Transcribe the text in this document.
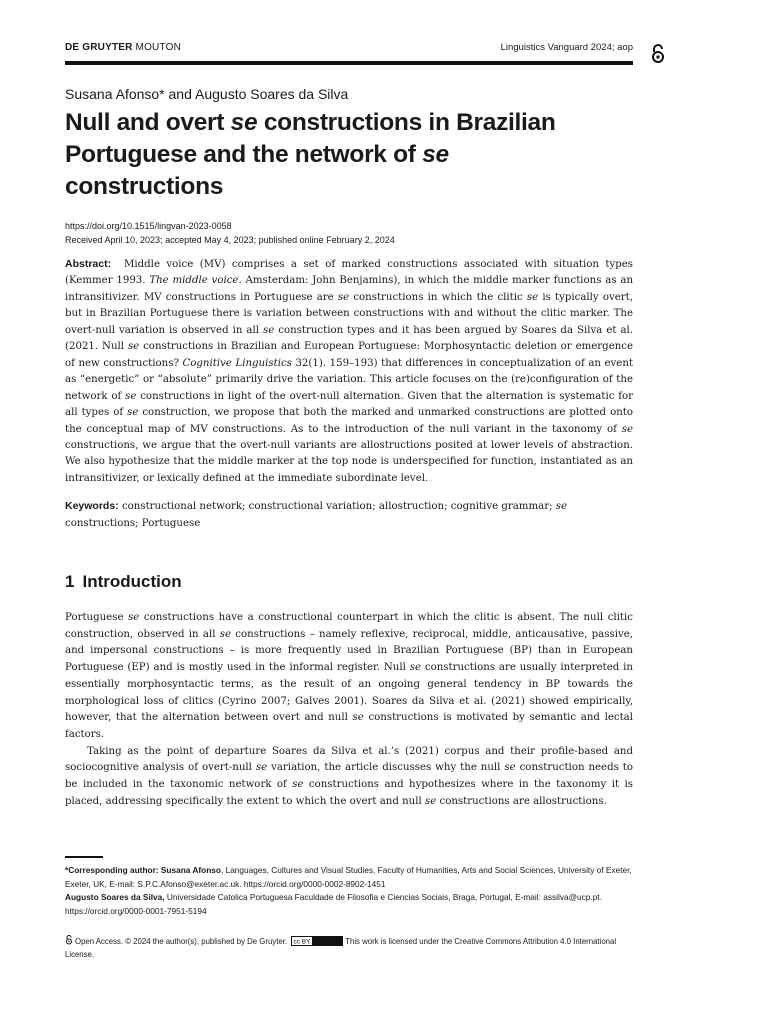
DE GRUYTER MOUTON	Linguistics Vanguard 2024; aop
Susana Afonso* and Augusto Soares da Silva
Null and overt se constructions in Brazilian Portuguese and the network of se
constructions
https://doi.org/10.1515/lingvan-2023-0058
Received April 10, 2023; accepted May 4, 2023; published online February 2, 2024

Abstract: Middle voice (MV) comprises a set of marked constructions associated with situation types (Kemmer 1993. The middle voice. Amsterdam: John Benjamins), in which the middle marker functions as an intransitivizer. MV constructions in Portuguese are se constructions in which the clitic se is typically overt, but in Brazilian Portuguese there is variation between constructions with and without the clitic marker. The overt-null variation is observed in all se construction types and it has been argued by Soares da Silva et al. (2021. Null se constructions in Brazilian and European Portuguese: Morphosyntactic deletion or emergence of new constructions? Cognitive Linguistics 32(1). 159–193) that differences in conceptualization of an event as “energetic” or “absolute” primarily drive the variation. This article focuses on the (re)configuration of the network of se constructions in light of the overt-null alternation. Given that the alternation is systematic for all types of se construction, we propose that both the marked and unmarked constructions are plotted onto the conceptual map of MV constructions. As to the introduction of the null variant in the taxonomy of se constructions, we argue that the overt-null variants are allostructions posited at lower levels of abstraction. We also hypothesize that the middle marker at the top node is underspecified for function, instantiated as an intransitivizer, or lexically defined at the immediate subordinate level.

Keywords: constructional network; constructional variation; allostruction; cognitive grammar; se constructions; Portuguese

1 Introduction

Portuguese se constructions have a constructional counterpart in which the clitic is absent. The null clitic construction, observed in all se constructions – namely reflexive, reciprocal, middle, anticausative, passive, and impersonal constructions – is more frequently used in Brazilian Portuguese (BP) than in European Portuguese (EP) and is mostly used in the informal register. Null se constructions are usually interpreted in essentially morphosyntactic terms, as the result of an ongoing general tendency in BP towards the morphological loss of clitics (Cyrino 2007; Galves 2001). Soares da Silva et al. (2021) showed empirically, however, that the alternation between overt and null se constructions is motivated by semantic and lectal factors.

Taking as the point of departure Soares da Silva et al.’s (2021) corpus and their profile-based and sociocognitive analysis of overt-null se variation, the article discusses why the null se construction needs to be included in the taxonomic network of se constructions and hypothesizes where in the taxonomy it is placed, addressing specifically the extent to which the overt and null se constructions are allostructions.

*Corresponding author: Susana Afonso, Languages, Cultures and Visual Studies, Faculty of Humanities, Arts and Social Sciences, University of Exeter, Exeter, UK, E-mail: S.P.C.Afonso@exeter.ac.uk. https://orcid.org/0000-0002-8902-1451
Augusto Soares da Silva, Universidade Catolica Portuguesa Faculdade de Filosofia e Ciencias Sociais, Braga, Portugal, E-mail: assilva@ucp.pt. https://orcid.org/0000-0001-7951-5194
Open Access. © 2024 the author(s), published by De Gruyter. cc BY	This work is licensed under the Creative Commons Attribution 4.0 International License.
